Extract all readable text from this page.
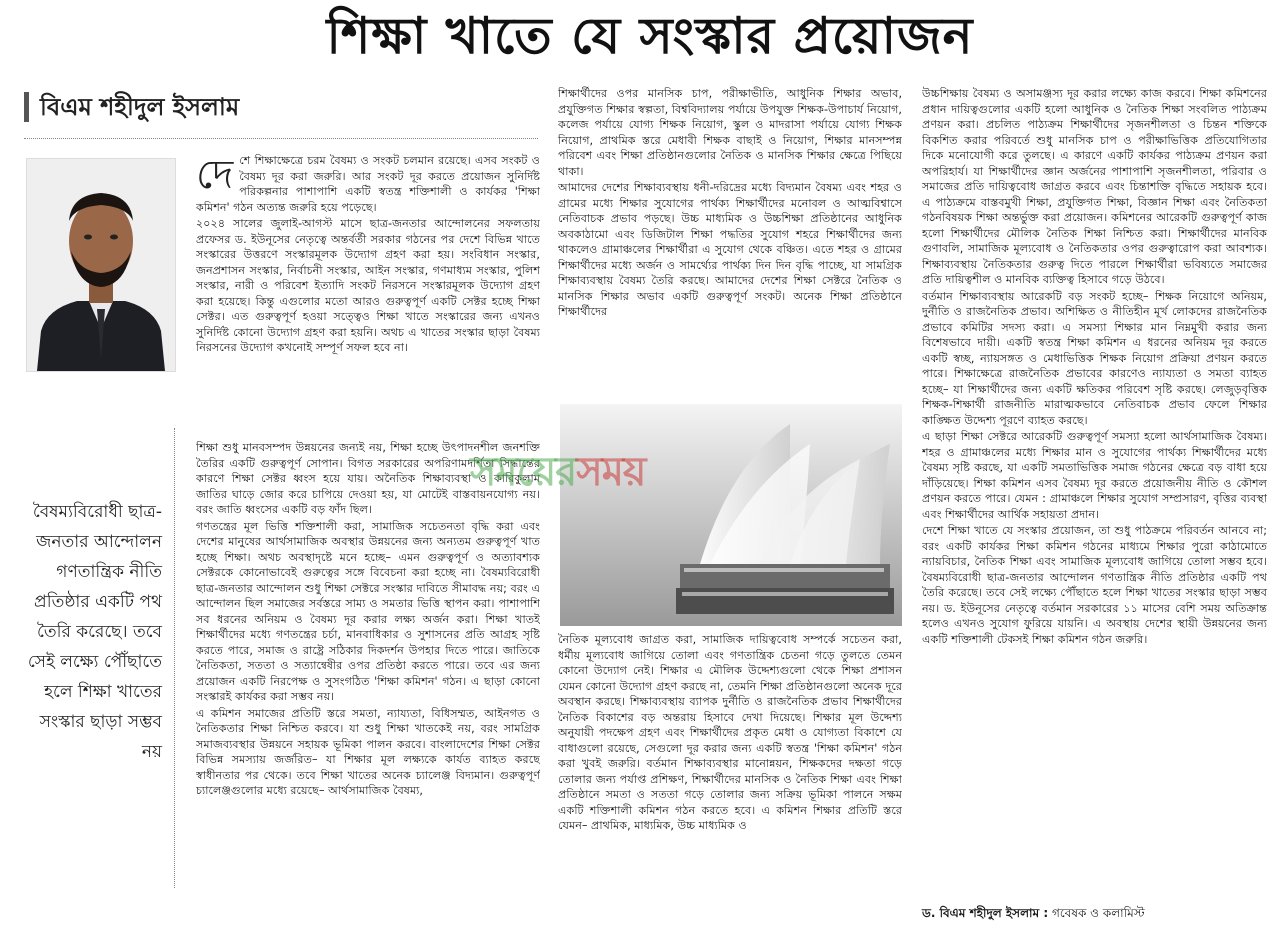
শিক্ষা খাতে যে সংস্কার প্রয়োজন
বিএম শহীদুল ইসলাম

দেশে শিক্ষাক্ষেত্রে চরম বৈষম্য ও সংকট চলমান রয়েছে। এসব সংকট ও বৈষম্য দূর করা জরুরি। আর সংকট দূর করতে প্রয়োজন সুনির্দিষ্ট পরিকল্পনার পাশাপাশি একটি স্বতন্ত্র শক্তিশালী ও কার্যকর 'শিক্ষা কমিশন' গঠন অত্যন্ত জরুরি হয়ে পড়েছে।

২০২৪ সালের জুলাই-আগস্ট মাসে ছাত্র-জনতার আন্দোলনের সফলতায় প্রফেসর ড. ইউনূসের নেতৃত্বে অন্তর্বর্তী সরকার গঠনের পর দেশে বিভিন্ন খাতে সংস্কারের উত্তরণে সংস্কারমূলক উদ্যোগ গ্রহণ করা হয়। সংবিধান সংস্কার, জনপ্রশাসন সংস্কার, নির্বাচনী সংস্কার, আইন সংস্কার, গণমাধ্যম সংস্কার, পুলিশ সংস্কার, নারী ও পরিবেশ ইত্যাদি সংকট নিরসনে সংস্কারমূলক উদ্যোগ গ্রহণ করা হয়েছে। কিন্তু এগুলোর মতো আরও গুরুত্বপূর্ণ একটি সেক্টর হচ্ছে শিক্ষা সেক্টর। এত গুরুত্বপূর্ণ হওয়া সত্ত্বেও শিক্ষা খাতে সংস্কারের জন্য এখনও সুনির্দিষ্ট কোনো উদ্যোগ গ্রহণ করা হয়নি। অথচ এ খাতের সংস্কার ছাড়া বৈষম্য নিরসনের উদ্যোগ কখনোই সম্পূর্ণ সফল হবে না।

বৈষম্যবিরোধী ছাত্র-জনতার আন্দোলন গণতান্ত্রিক নীতি প্রতিষ্ঠার একটি পথ তৈরি করেছে। তবে সেই লক্ষ্যে পৌঁছাতে হলে শিক্ষা খাতের সংস্কার ছাড়া সম্ভব নয়

শিক্ষা শুধু মানবসম্পদ উন্নয়নের জন্যই নয়, শিক্ষা হচ্ছে উৎপাদনশীল জনশক্তি তৈরির একটি গুরুত্বপূর্ণ সোপান। বিগত সরকারের অপরিণামদর্শিতা সিদ্ধান্তের কারণে শিক্ষা সেক্টর ধ্বংস হয়ে যায়। অনৈতিক শিক্ষাব্যবস্থা ও কারিকুলাম জাতির ঘাড়ে জোর করে চাপিয়ে দেওয়া হয়, যা মোটেই বাস্তবায়নযোগ্য নয়। বরং জাতি ধ্বংসের একটি বড় ফাঁদ ছিল।

গণতন্ত্রের মূল ভিত্তি শক্তিশালী করা, সামাজিক সচেতনতা বৃদ্ধি করা এবং দেশের মানুষের আর্থসামাজিক অবস্থার উন্নয়নের জন্য অন্যতম গুরুত্বপূর্ণ খাত হচ্ছে শিক্ষা। অথচ অবস্থাদৃষ্টে মনে হচ্ছে– এমন গুরুত্বপূর্ণ ও অত্যাবশ্যক সেক্টরকে কোনোভাবেই গুরুত্বের সঙ্গে বিবেচনা করা হচ্ছে না। বৈষম্যবিরোধী ছাত্র-জনতার আন্দোলন শুধু শিক্ষা সেক্টরে সংস্কার দাবিতে সীমাবদ্ধ নয়; বরং এ আন্দোলন ছিল সমাজের সর্বস্তরে সাম্য ও সমতার ভিত্তি স্থাপন করা। পাশাপাশি সব ধরনের অনিয়ম ও বৈষম্য দূর করার লক্ষ্য অর্জন করা। শিক্ষা খাতই শিক্ষার্থীদের মধ্যে গণতন্ত্রের চর্চা, মানবাধিকার ও সুশাসনের প্রতি আগ্রহ সৃষ্টি করতে পারে, সমাজ ও রাষ্ট্রে সঠিকার দিকদর্শন উপহার দিতে পারে। জাতিকে নৈতিকতা, সততা ও সত্যান্বেষীর ওপর প্রতিষ্ঠা করতে পারে। তবে এর জন্য প্রয়োজন একটি নিরপেক্ষ ও সুসংগঠিত 'শিক্ষা কমিশন' গঠন। এ ছাড়া কোনো সংস্কারই কার্যকর করা সম্ভব নয়।

এ কমিশন সমাজের প্রতিটি স্তরে সমতা, ন্যায্যতা, বিধিসম্মত, আইনগত ও নৈতিকতার শিক্ষা নিশ্চিত করবে। যা শুধু শিক্ষা খাতকেই নয়, বরং সামগ্রিক সমাজব্যবস্থার উন্নয়নে সহায়ক ভূমিকা পালন করবে। বাংলাদেশের শিক্ষা সেক্টর বিভিন্ন সমস্যায় জর্জরিত– যা শিক্ষার মূল লক্ষ্যকে কার্যত ব্যাহত করছে স্বাধীনতার পর থেকে। তবে শিক্ষা খাতের অনেক চ্যালেঞ্জ বিদ্যমান। গুরুত্বপূর্ণ চ্যালেঞ্জগুলোর মধ্যে রয়েছে– আর্থসামাজিক বৈষম্য,

শিক্ষার্থীদের ওপর মানসিক চাপ, পরীক্ষাভীতি, আধুনিক শিক্ষার অভাব, প্রযুক্তিগত শিক্ষার স্বল্পতা, বিশ্ববিদ্যালয় পর্যায়ে উপযুক্ত শিক্ষক-উপাচার্য নিয়োগ, কলেজ পর্যায়ে যোগ্য শিক্ষক নিয়োগ, স্কুল ও মাদরাসা পর্যায়ে যোগ্য শিক্ষক নিয়োগ, প্রাথমিক স্তরে মেধাবী শিক্ষক বাছাই ও নিয়োগ, শিক্ষার মানসম্পন্ন পরিবেশ এবং শিক্ষা প্রতিষ্ঠানগুলোর নৈতিক ও মানসিক শিক্ষার ক্ষেত্রে পিছিয়ে থাকা।

আমাদের দেশের শিক্ষাব্যবস্থায় ধনী-দরিদ্রের মধ্যে বিদ্যমান বৈষম্য এবং শহর ও গ্রামের মধ্যে শিক্ষার সুযোগের পার্থক্য শিক্ষার্থীদের মনোবল ও আত্মবিশ্বাসে নেতিবাচক প্রভাব পড়ছে। উচ্চ মাধ্যমিক ও উচ্চশিক্ষা প্রতিষ্ঠানের আধুনিক অবকাঠামো এবং ডিজিটাল শিক্ষা পদ্ধতির সুযোগ শহরে শিক্ষার্থীদের জন্য থাকলেও গ্রামাঞ্চলের শিক্ষার্থীরা এ সুযোগ থেকে বঞ্চিত। এতে শহর ও গ্রামের শিক্ষার্থীদের মধ্যে অর্জন ও সামর্থ্যের পার্থক্য দিন দিন বৃদ্ধি পাচ্ছে, যা সামগ্রিক শিক্ষাব্যবস্থায় বৈষম্য তৈরি করছে। আমাদের দেশের শিক্ষা সেক্টরে নৈতিক ও মানসিক শিক্ষার অভাব একটি গুরুত্বপূর্ণ সংকট। অনেক শিক্ষা প্রতিষ্ঠানে শিক্ষার্থীদের

সময়েরসময়

নৈতিক মূল্যবোধ জাগ্রত করা, সামাজিক দায়িত্ববোধ সম্পর্কে সচেতন করা, ধর্মীয় মূল্যবোধ জাগিয়ে তোলা এবং গণতান্ত্রিক চেতনা গড়ে তুলতে তেমন কোনো উদ্যোগ নেই। শিক্ষার এ মৌলিক উদ্দেশ্যগুলো থেকে শিক্ষা প্রশাসন যেমন কোনো উদ্যোগ গ্রহণ করছে না, তেমনি শিক্ষা প্রতিষ্ঠানগুলো অনেক দূরে অবস্থান করছে। শিক্ষাব্যবস্থায় ব্যাপক দুর্নীতি ও রাজনৈতিক প্রভাব শিক্ষার্থীদের নৈতিক বিকাশের বড় অন্তরায় হিসাবে দেখা দিয়েছে। শিক্ষার মূল উদ্দেশ্য অনুযায়ী পদক্ষেপ গ্রহণ এবং শিক্ষার্থীদের প্রকৃত মেধা ও যোগ্যতা বিকাশে যে বাধাগুলো রয়েছে, সেগুলো দূর করার জন্য একটি স্বতন্ত্র 'শিক্ষা কমিশন' গঠন করা খুবই জরুরি। বর্তমান শিক্ষাব্যবস্থার মানোন্নয়ন, শিক্ষকদের দক্ষতা গড়ে তোলার জন্য পর্যাপ্ত প্রশিক্ষণ, শিক্ষার্থীদের মানসিক ও নৈতিক শিক্ষা এবং শিক্ষা প্রতিষ্ঠানে সমতা ও সততা গড়ে তোলার জন্য সক্রিয় ভূমিকা পালনে সক্ষম একটি শক্তিশালী কমিশন গঠন করতে হবে। এ কমিশন শিক্ষার প্রতিটি স্তরে যেমন– প্রাথমিক, মাধ্যমিক, উচ্চ মাধ্যমিক ও

উচ্চশিক্ষায় বৈষম্য ও অসামঞ্জস্য দূর করার লক্ষ্যে কাজ করবে। শিক্ষা কমিশনের প্রধান দায়িত্বগুলোর একটি হলো আধুনিক ও নৈতিক শিক্ষা সংবলিত পাঠ্যক্রম প্রণয়ন করা। প্রচলিত পাঠ্যক্রম শিক্ষার্থীদের সৃজনশীলতা ও চিন্তন শক্তিকে বিকশিত করার পরিবর্তে শুধু মানসিক চাপ ও পরীক্ষাভিত্তিক প্রতিযোগিতার দিকে মনোযোগী করে তুলছে। এ কারণে একটি কার্যকর পাঠ্যক্রম প্রণয়ন করা অপরিহার্য। যা শিক্ষার্থীদের জ্ঞান অর্জনের পাশাপাশি সৃজনশীলতা, পরিবার ও সমাজের প্রতি দায়িত্ববোধ জাগ্রত করবে এবং চিন্তাশক্তি বৃদ্ধিতে সহায়ক হবে। এ পাঠ্যক্রমে বাস্তবমুখী শিক্ষা, প্রযুক্তিগত শিক্ষা, বিজ্ঞান শিক্ষা এবং নৈতিকতা গঠনবিষয়ক শিক্ষা অন্তর্ভুক্ত করা প্রয়োজন। কমিশনের আরেকটি গুরুত্বপূর্ণ কাজ হলো শিক্ষার্থীদের মৌলিক নৈতিক শিক্ষা নিশ্চিত করা। শিক্ষার্থীদের মানবিক গুণাবলি, সামাজিক মূল্যবোধ ও নৈতিকতার ওপর গুরুত্বারোপ করা আবশ্যক। শিক্ষাব্যবস্থায় নৈতিকতার গুরুত্ব দিতে পারলে শিক্ষার্থীরা ভবিষ্যতে সমাজের প্রতি দায়িত্বশীল ও মানবিক ব্যক্তিত্ব হিসাবে গড়ে উঠবে।

বর্তমান শিক্ষাব্যবস্থায় আরেকটি বড় সংকট হচ্ছে– শিক্ষক নিয়োগে অনিয়ম, দুর্নীতি ও রাজনৈতিক প্রভাব। অশিক্ষিত ও নীতিহীন মূর্খ লোকদের রাজনৈতিক প্রভাবে কমিটির সদস্য করা। এ সমস্যা শিক্ষার মান নিম্নমুখী করার জন্য বিশেষভাবে দায়ী। একটি স্বতন্ত্র শিক্ষা কমিশন এ ধরনের অনিয়ম দূর করতে একটি স্বচ্ছ, ন্যায়সঙ্গত ও মেধাভিত্তিক শিক্ষক নিয়োগ প্রক্রিয়া প্রণয়ন করতে পারে। শিক্ষাক্ষেত্রে রাজনৈতিক প্রভাবের কারণেও ন্যায্যতা ও সমতা ব্যাহত হচ্ছে– যা শিক্ষার্থীদের জন্য একটি ক্ষতিকর পরিবেশ সৃষ্টি করছে। লেজুড়বৃত্তিক শিক্ষক-শিক্ষার্থী রাজনীতি মারাত্মকভাবে নেতিবাচক প্রভাব ফেলে শিক্ষার কাঙ্ক্ষিত উদ্দেশ্য পূরণে ব্যাহত করছে।

এ ছাড়া শিক্ষা সেক্টরে আরেকটি গুরুত্বপূর্ণ সমস্যা হলো আর্থসামাজিক বৈষম্য। শহর ও গ্রামাঞ্চলের মধ্যে শিক্ষার মান ও সুযোগের পার্থক্য শিক্ষার্থীদের মধ্যে বৈষম্য সৃষ্টি করছে, যা একটি সমতাভিত্তিক সমাজ গঠনের ক্ষেত্রে বড় বাধা হয়ে দাঁড়িয়েছে। শিক্ষা কমিশন এসব বৈষম্য দূর করতে প্রয়োজনীয় নীতি ও কৌশল প্রণয়ন করতে পারে। যেমন : গ্রামাঞ্চলে শিক্ষার সুযোগ সম্প্রসারণ, বৃত্তির ব্যবস্থা এবং শিক্ষার্থীদের আর্থিক সহায়তা প্রদান।

দেশে শিক্ষা খাতে যে সংস্কার প্রয়োজন, তা শুধু পাঠক্রমে পরিবর্তন আনবে না; বরং একটি কার্যকর শিক্ষা কমিশন গঠনের মাধ্যমে শিক্ষার পুরো কাঠামোতে ন্যায়বিচার, নৈতিক শিক্ষা এবং সামাজিক মূল্যবোধ জাগিয়ে তোলা সম্ভব হবে। বৈষম্যবিরোধী ছাত্র-জনতার আন্দোলন গণতান্ত্রিক নীতি প্রতিষ্ঠার একটি পথ তৈরি করেছে। তবে সেই লক্ষ্যে পৌঁছাতে হলে শিক্ষা খাতের সংস্কার ছাড়া সম্ভব নয়। ড. ইউনূসের নেতৃত্বে বর্তমান সরকারের ১১ মাসের বেশি সময় অতিক্রান্ত হলেও এখনও সুযোগ ফুরিয়ে যায়নি। এ অবস্থায় দেশের স্থায়ী উন্নয়নের জন্য একটি শক্তিশালী টেকসই শিক্ষা কমিশন গঠন জরুরি।

ড. বিএম শহীদুল ইসলাম : গবেষক ও কলামিস্ট
